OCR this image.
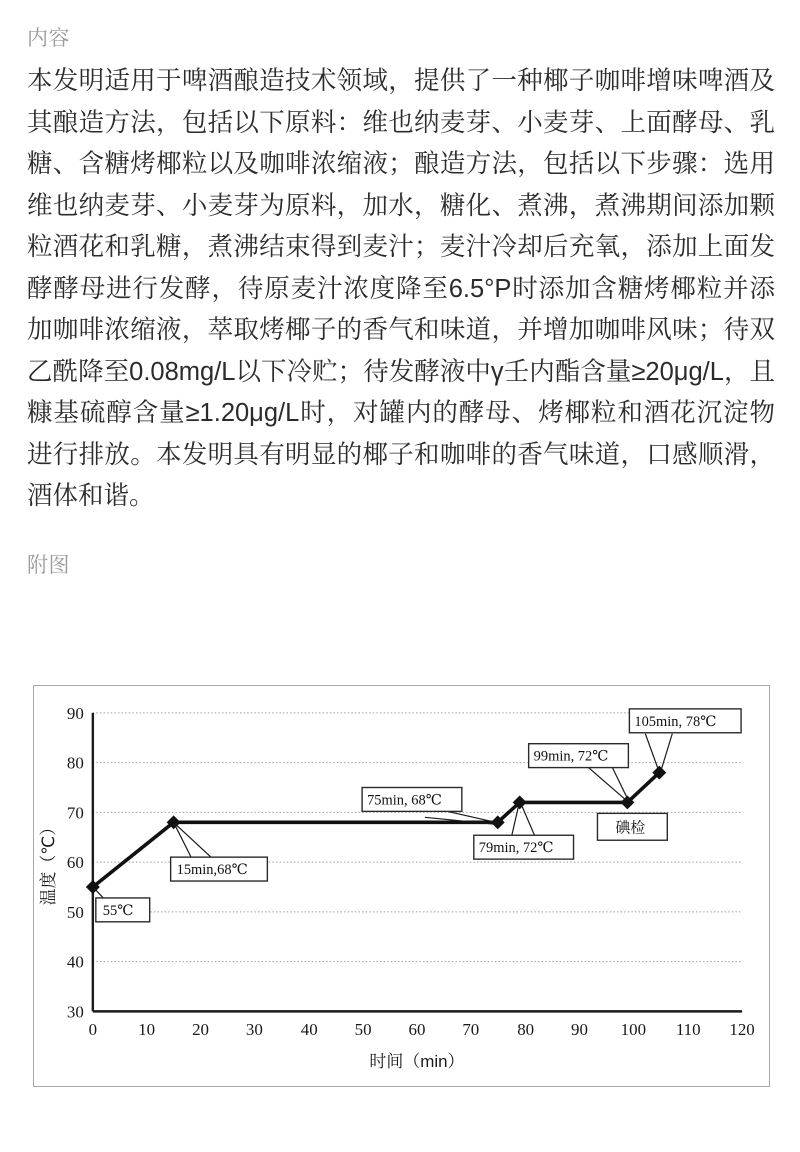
内容
本发明适用于啤酒酿造技术领域，提供了一种椰子咖啡增味啤酒及其酿造方法，包括以下原料：维也纳麦芽、小麦芽、上面酵母、乳糖、含糖烤椰粒以及咖啡浓缩液；酿造方法，包括以下步骤：选用维也纳麦芽、小麦芽为原料，加水，糖化、煮沸，煮沸期间添加颗粒酒花和乳糖，煮沸结束得到麦汁；麦汁冷却后充氧，添加上面发酵酵母进行发酵，待原麦汁浓度降至6.5°P时添加含糖烤椰粒并添加咖啡浓缩液，萃取烤椰子的香气和味道，并增加咖啡风味；待双乙酰降至0.08mg/L以下冷贮；待发酵液中γ壬内酯含量≥20μg/L，且糠基硫醇含量≥1.20μg/L时，对罐内的酵母、烤椰粒和酒花沉淀物进行排放。本发明具有明显的椰子和咖啡的香气味道，口感顺滑，酒体和谐。
附图
90
80
70
60
50
40
30
0 10 20 30 40 50 60 70 80 90 100 110 120
时间（min）
温度（℃）
55℃
15min,68℃
75min, 68℃
79min, 72℃
99min, 72℃
105min, 78℃
碘检
